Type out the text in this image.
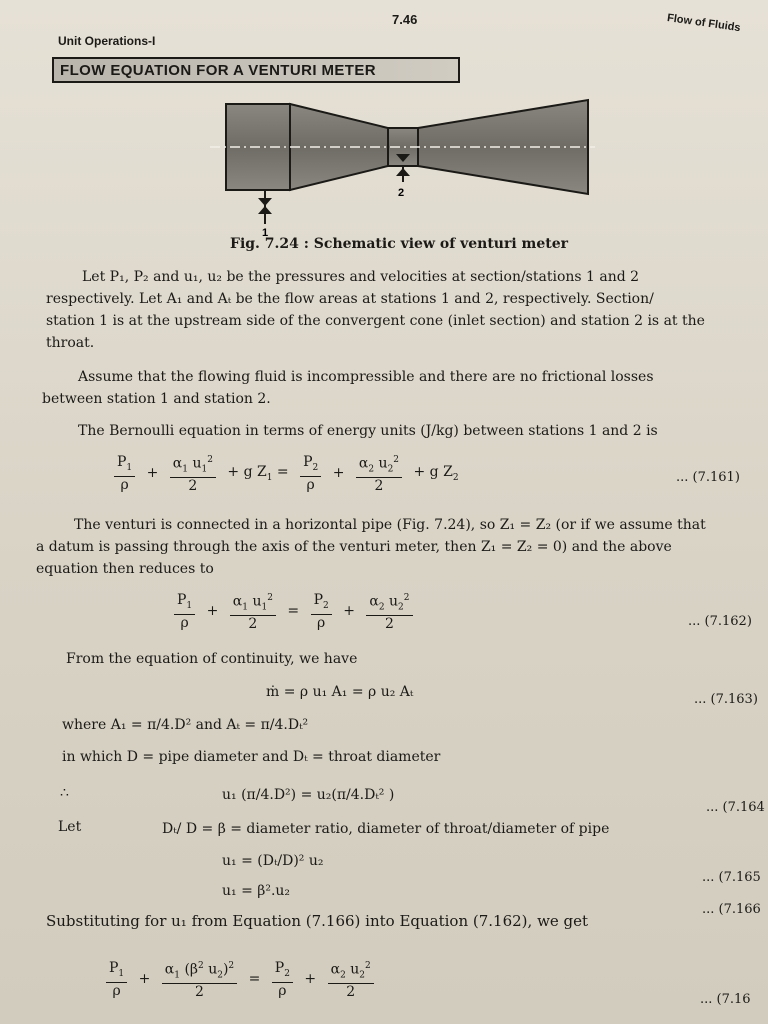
Unit Operations-I
7.46	Flow of Fluids
FLOW EQUATION FOR A VENTURI METER
2
1
Fig. 7.24 : Schematic view of venturi meter
Let P₁, P₂ and u₁, u₂ be the pressures and velocities at section/stations 1 and 2
respectively. Let A₁ and Aₜ be the flow areas at stations 1 and 2, respectively. Section/
station 1 is at the upstream side of the convergent cone (inlet section) and station 2 is at the
throat.
Assume that the flowing fluid is incompressible and there are no frictional losses
between station 1 and station 2.
The Bernoulli equation in terms of energy units (J/kg) between stations 1 and 2 is
$\frac{P_1}{\rho} + \frac{\alpha_1 u_1^2}{2} + g$ $Z_1 = \frac{P_2}{\rho} + \frac{\alpha_2 u_2^2}{2} + g$ $Z_2$	... (7.161)
The venturi is connected in a horizontal pipe (Fig. 7.24), so Z₁ = Z₂ (or if we assume that
a datum is passing through the axis of the venturi meter, then Z₁ = Z₂ = 0) and the above
equation then reduces to
$\frac{P_1}{\rho} + \frac{\alpha_1 u_1^2}{2} = \frac{P_2}{\rho} + \frac{\alpha_2 u_2^2}{2}$	... (7.162)
From the equation of continuity, we have
ṁ = ρ u₁ A₁ = ρ u₂ Aₜ	... (7.163)
where A₁ = π/4.D² and Aₜ = π/4.Dₜ²
in which D = pipe diameter and Dₜ = throat diameter
∴	u₁ (π/4.D²) = u₂(π/4.Dₜ² )
... (7.164
Let	Dₜ/ D = β = diameter ratio, diameter of throat/diameter of pipe
u₁ = (Dₜ/D)² u₂
... (7.165
u₁ = β².u₂
... (7.166
Substituting for u₁ from Equation (7.166) into Equation (7.162), we get
$\frac{P_1}{\rho} + \frac{\alpha_1 (\beta^2 u_2)^2}{2} = \frac{P_2}{\rho} + \frac{\alpha_2 u_2^2}{2}$	... (7.16
